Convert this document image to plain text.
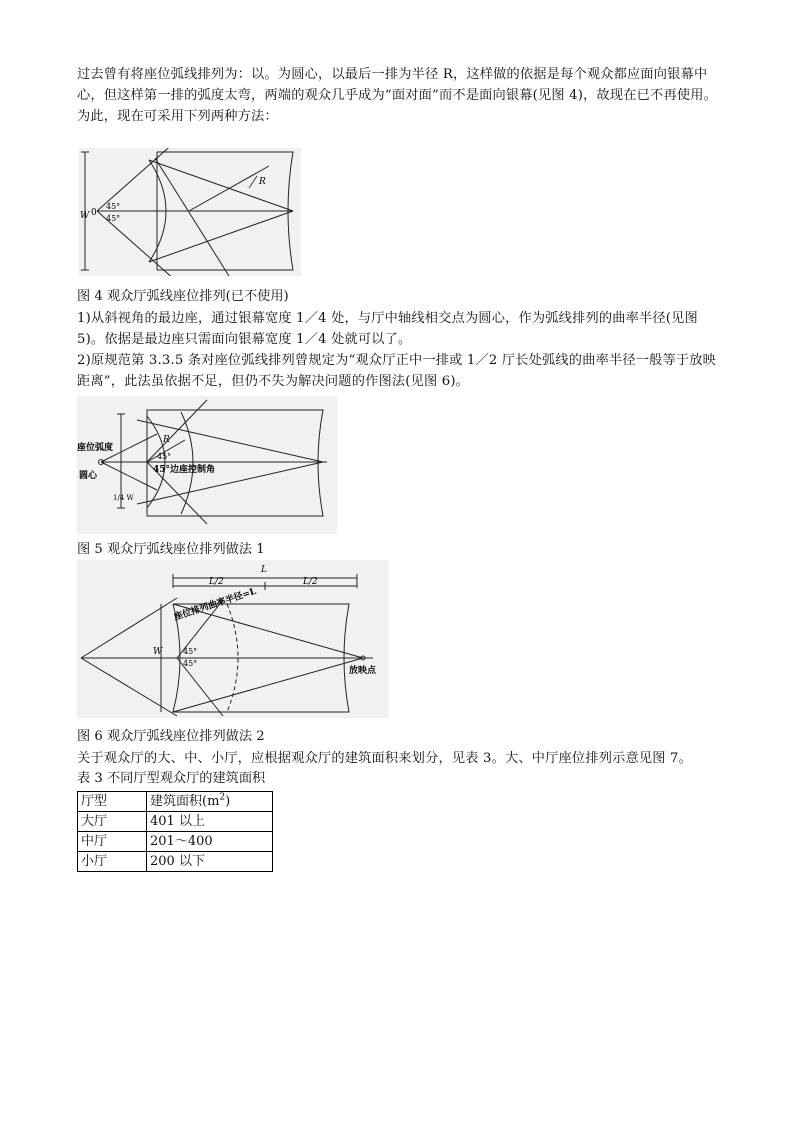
过去曾有将座位弧线排列为：以。为圆心，以最后一排为半径 R，这样做的依据是每个观众都应面向银幕中心，但这样第一排的弧度太弯，两端的观众几乎成为“面对面”而不是面向银幕(见图 4)，故现在已不再使用。为此，现在可采用下列两种方法：

W 0
45°
45°
R

图 4 观众厅弧线座位排列(已不使用)

1)从斜视角的最边座，通过银幕宽度 1／4 处，与厅中轴线相交点为圆心，作为弧线排列的曲率半径(见图 5)。依据是最边座只需面向银幕宽度 1／4 处就可以了。

2)原规范第 3.3.5 条对座位弧线排列曾规定为“观众厅正中一排或 1／2 厅长处弧线的曲率半径一般等于放映距离”，此法虽依据不足，但仍不失为解决问题的作图法(见图 6)。

座位弧度
圆心
R
45°
45°边座控制角
1/4 W

图 5 观众厅弧线座位排列做法 1

L
L/2	L/2
座位排列曲率半径=L
W	45°
45°
放映点

图 6 观众厅弧线座位排列做法 2

关于观众厅的大、中、小厅，应根据观众厅的建筑面积来划分，见表 3。大、中厅座位排列示意见图 7。

表 3 不同厅型观众厅的建筑面积

厅型	建筑面积$(m^2)$
大厅	401 以上
中厅	201～400
小厅	200 以下
